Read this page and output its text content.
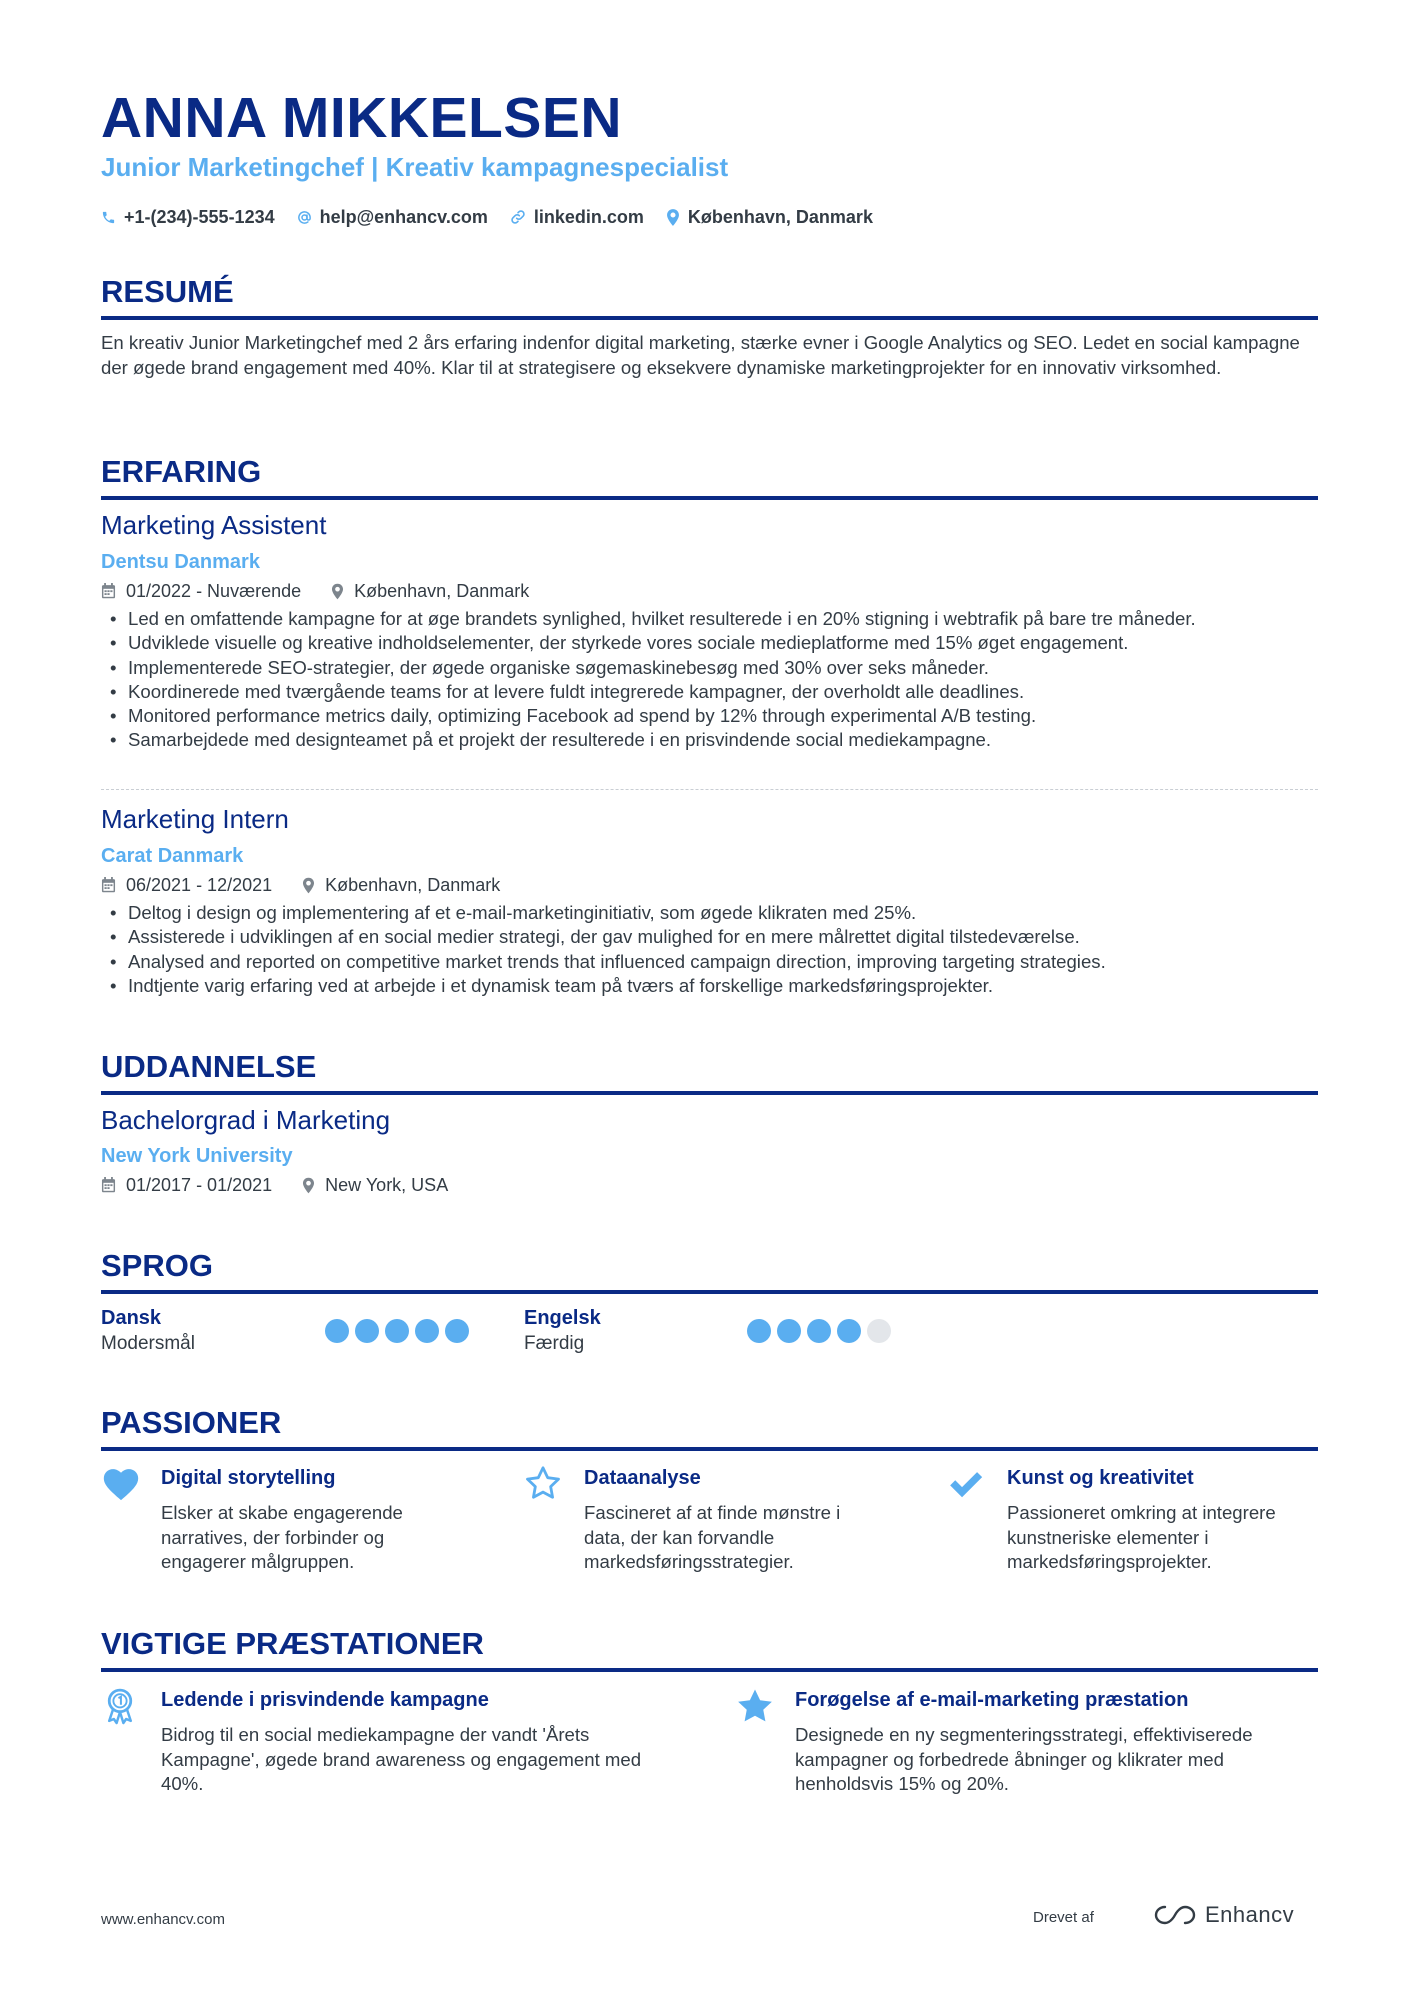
ANNA MIKKELSEN
Junior Marketingchef | Kreativ kampagnespecialist
+1-(234)-555-1234	help@enhancv.com	linkedin.com København, Danmark
RESUMÉ
En kreativ Junior Marketingchef med 2 års erfaring indenfor digital marketing, stærke evner i Google Analytics og SEO. Ledet en social kampagne der øgede brand engagement med 40%. Klar til at strategisere og eksekvere dynamiske marketingprojekter for en innovativ virksomhed.
ERFARING
Marketing Assistent
Dentsu Danmark
01/2022 - Nuværende	København, Danmark
• Led en omfattende kampagne for at øge brandets synlighed, hvilket resulterede i en 20% stigning i webtrafik på bare tre måneder.
• Udviklede visuelle og kreative indholdselementer, der styrkede vores sociale medieplatforme med 15% øget engagement.
• Implementerede SEO-strategier, der øgede organiske søgemaskinebesøg med 30% over seks måneder.
• Koordinerede med tværgående teams for at levere fuldt integrerede kampagner, der overholdt alle deadlines.
• Monitored performance metrics daily, optimizing Facebook ad spend by 12% through experimental A/B testing.
• Samarbejdede med designteamet på et projekt der resulterede i en prisvindende social mediekampagne.
Marketing Intern
Carat Danmark
06/2021 - 12/2021	København, Danmark
• Deltog i design og implementering af et e-mail-marketinginitiativ, som øgede klikraten med 25%.
• Assisterede i udviklingen af en social medier strategi, der gav mulighed for en mere målrettet digital tilstedeværelse.
• Analysed and reported on competitive market trends that influenced campaign direction, improving targeting strategies.
• Indtjente varig erfaring ved at arbejde i et dynamisk team på tværs af forskellige markedsføringsprojekter.
UDDANNELSE
Bachelorgrad i Marketing
New York University
01/2017 - 01/2021	New York, USA
SPROG
Dansk
Modersmål
Engelsk
Færdig
PASSIONER
Digital storytelling
Elsker at skabe engagerende narratives, der forbinder og engagerer målgruppen.
Dataanalyse
Fascineret af at finde mønstre i data, der kan forvandle markedsføringsstrategier.
Kunst og kreativitet
Passioneret omkring at integrere kunstneriske elementer i markedsføringsprojekter.
VIGTIGE PRÆSTATIONER
Ledende i prisvindende kampagne
Bidrog til en social mediekampagne der vandt 'Årets Kampagne', øgede brand awareness og engagement med 40%.
Forøgelse af e-mail-marketing præstation
Designede en ny segmenteringsstrategi, effektiviserede kampagner og forbedrede åbninger og klikrater med henholdsvis 15% og 20%.
www.enhancv.com	Drevet af	Enhancv
